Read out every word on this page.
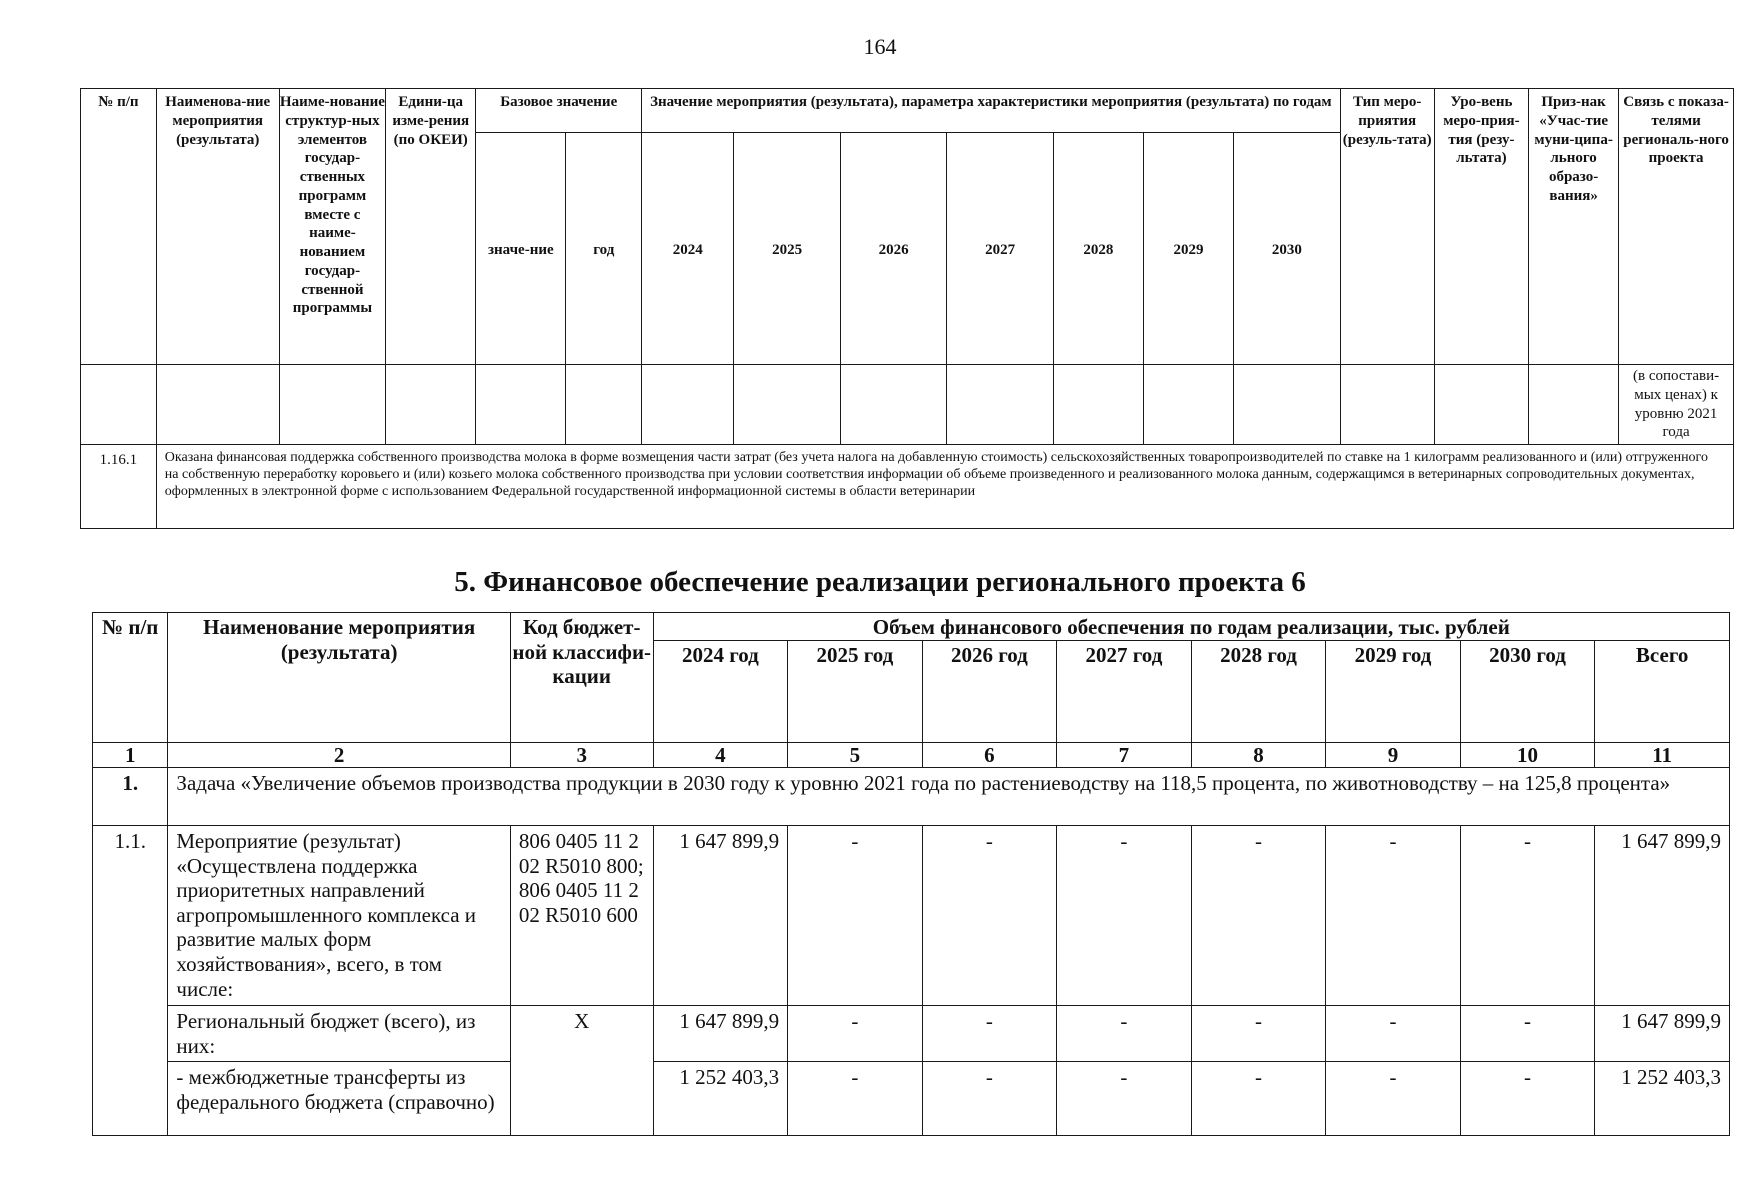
164
№ п/п	Наименова-ние мероприятия (результата)	Наиме-нование структур-ных элементов государ-ственных программ вместе с наиме-нованием государ-ственной программы	Едини-ца изме-рения (по ОКЕИ)	Базовое значение		Значение мероприятия (результата), параметра характеристики мероприятия (результата) по годам							Тип меро-приятия (резуль-тата)	Уро-вень меро-прия-тия (резу-льтата)	Приз-нак «Учас-тие муни-ципа-льного образо-вания»	Связь с показа-телями региональ-ного проекта
				значе-ние	год	2024	2025	2026	2027	2028	2029	2030				
																(в сопостави-мых ценах) к уровню 2021 года
1.16.1	Оказана финансовая поддержка собственного производства молока в форме возмещения части затрат (без учета налога на добавленную стоимость) сельскохозяйственных товаропроизводителей по ставке на 1 килограмм реализованного и (или) отгруженного на собственную переработку коровьего и (или) козьего молока собственного производства при условии соответствия информации об объеме произведенного и реализованного молока данным, содержащимся в ветеринарных сопроводительных документах, оформленных в электронной форме с использованием Федеральной государственной информационной системы в области ветеринарии															
5. Финансовое обеспечение реализации регионального проекта 6
№ п/п	Наименование мероприятия (результата)	Код бюджет-ной классифи-кации	Объем финансового обеспечения по годам реализации, тыс. рублей							
			2024 год	2025 год	2026 год	2027 год	2028 год	2029 год	2030 год	Всего
1	2	3	4	5	6	7	8	9	10	11
1.	Задача «Увеличение объемов производства продукции в 2030 году к уровню 2021 года по растениеводству на 118,5 процента, по животноводству – на 125,8 процента»									
1.1.	Мероприятие (результат) «Осуществлена поддержка приоритетных направлений агропромышленного комплекса и развитие малых форм хозяйствования», всего, в том числе:	806 0405 11 2 02 R5010 800; 806 0405 11 2 02 R5010 600	1 647 899,9	-	-	-	-	-	-	1 647 899,9
	Региональный бюджет (всего), из них:	X	1 647 899,9	-	-	-	-	-	-	1 647 899,9
	- межбюджетные трансферты из федерального бюджета (справочно)		1 252 403,3	-	-	-	-	-	-	1 252 403,3
